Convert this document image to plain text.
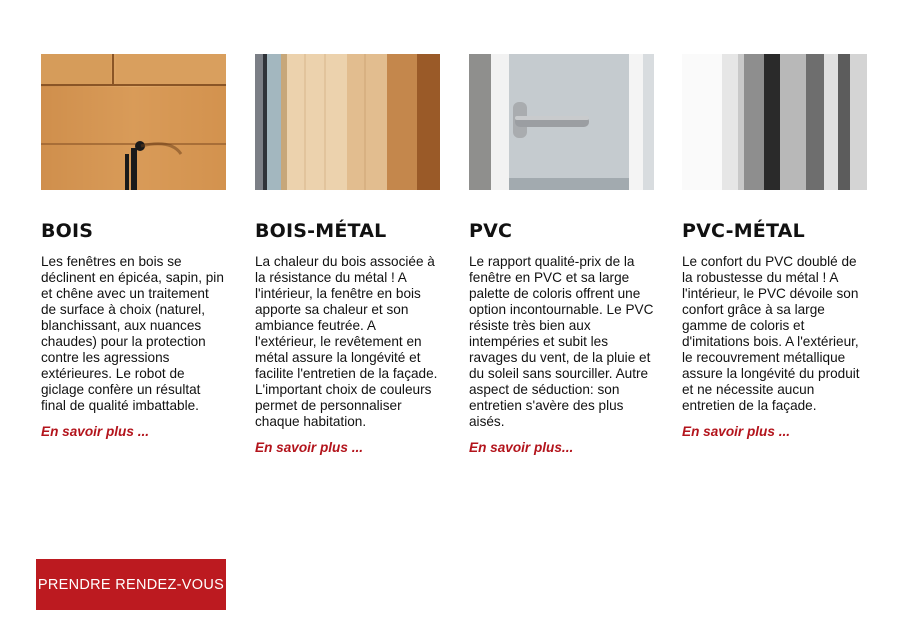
BOIS

Les fenêtres en bois se déclinent en épicéa, sapin, pin et chêne avec un traitement de surface à choix (naturel, blanchissant, aux nuances chaudes) pour la protection contre les agressions extérieures. Le robot de giclage confère un résultat final de qualité imbattable.

En savoir plus ...
BOIS-MÉTAL

La chaleur du bois associée à la résistance du métal ! A l'intérieur, la fenêtre en bois apporte sa chaleur et son ambiance feutrée. A l'extérieur, le revêtement en métal assure la longévité et facilite l'entretien de la façade. L'important choix de couleurs permet de personnaliser chaque habitation.

En savoir plus ...
PVC

Le rapport qualité-prix de la fenêtre en PVC et sa large palette de coloris offrent une option incontournable. Le PVC résiste très bien aux intempéries et subit les ravages du vent, de la pluie et du soleil sans sourciller. Autre aspect de séduction: son entretien s'avère des plus aisés.

En savoir plus...
PVC-MÉTAL

Le confort du PVC doublé de la robustesse du métal ! A l'intérieur, le PVC dévoile son confort grâce à sa large gamme de coloris et d'imitations bois. A l'extérieur, le recouvrement métallique assure la longévité du produit et ne nécessite aucun entretien de la façade.

En savoir plus ...
PRENDRE RENDEZ-VOUS
